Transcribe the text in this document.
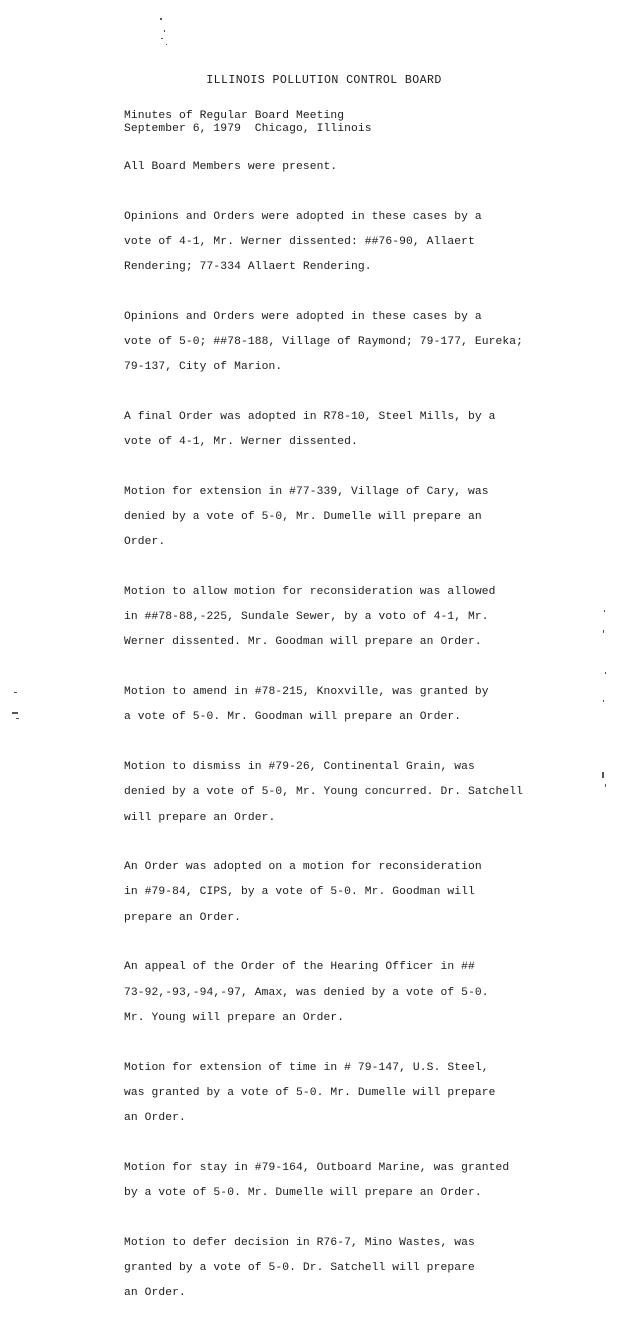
ILLINOIS POLLUTION CONTROL BOARD
Minutes of Regular Board Meeting
September 6, 1979  Chicago, Illinois

All Board Members were present.

Opinions and Orders were adopted in these cases by a

vote of 4-1, Mr. Werner dissented: ##76-90, Allaert

Rendering; 77-334 Allaert Rendering.

Opinions and Orders were adopted in these cases by a

vote of 5-0; ##78-188, Village of Raymond; 79-177, Eureka;

79-137, City of Marion.

A final Order was adopted in R78-10, Steel Mills, by a

vote of 4-1, Mr. Werner dissented.

Motion for extension in #77-339, Village of Cary, was

denied by a vote of 5-0, Mr. Dumelle will prepare an

Order.

Motion to allow motion for reconsideration was allowed

in ##78-88,-225, Sundale Sewer, by a voto of 4-1, Mr.

Werner dissented. Mr. Goodman will prepare an Order.

Motion to amend in #78-215, Knoxville, was granted by

a vote of 5-0. Mr. Goodman will prepare an Order.

Motion to dismiss in #79-26, Continental Grain, was

denied by a vote of 5-0, Mr. Young concurred. Dr. Satchell

will prepare an Order.

An Order was adopted on a motion for reconsideration

in #79-84, CIPS, by a vote of 5-0. Mr. Goodman will

prepare an Order.

An appeal of the Order of the Hearing Officer in ##

73-92,-93,-94,-97, Amax, was denied by a vote of 5-0.

Mr. Young will prepare an Order.

Motion for extension of time in # 79-147, U.S. Steel,

was granted by a vote of 5-0. Mr. Dumelle will prepare

an Order.

Motion for stay in #79-164, Outboard Marine, was granted

by a vote of 5-0. Mr. Dumelle will prepare an Order.

Motion to defer decision in R76-7, Mino Wastes, was

granted by a vote of 5-0. Dr. Satchell will prepare

an Order.
